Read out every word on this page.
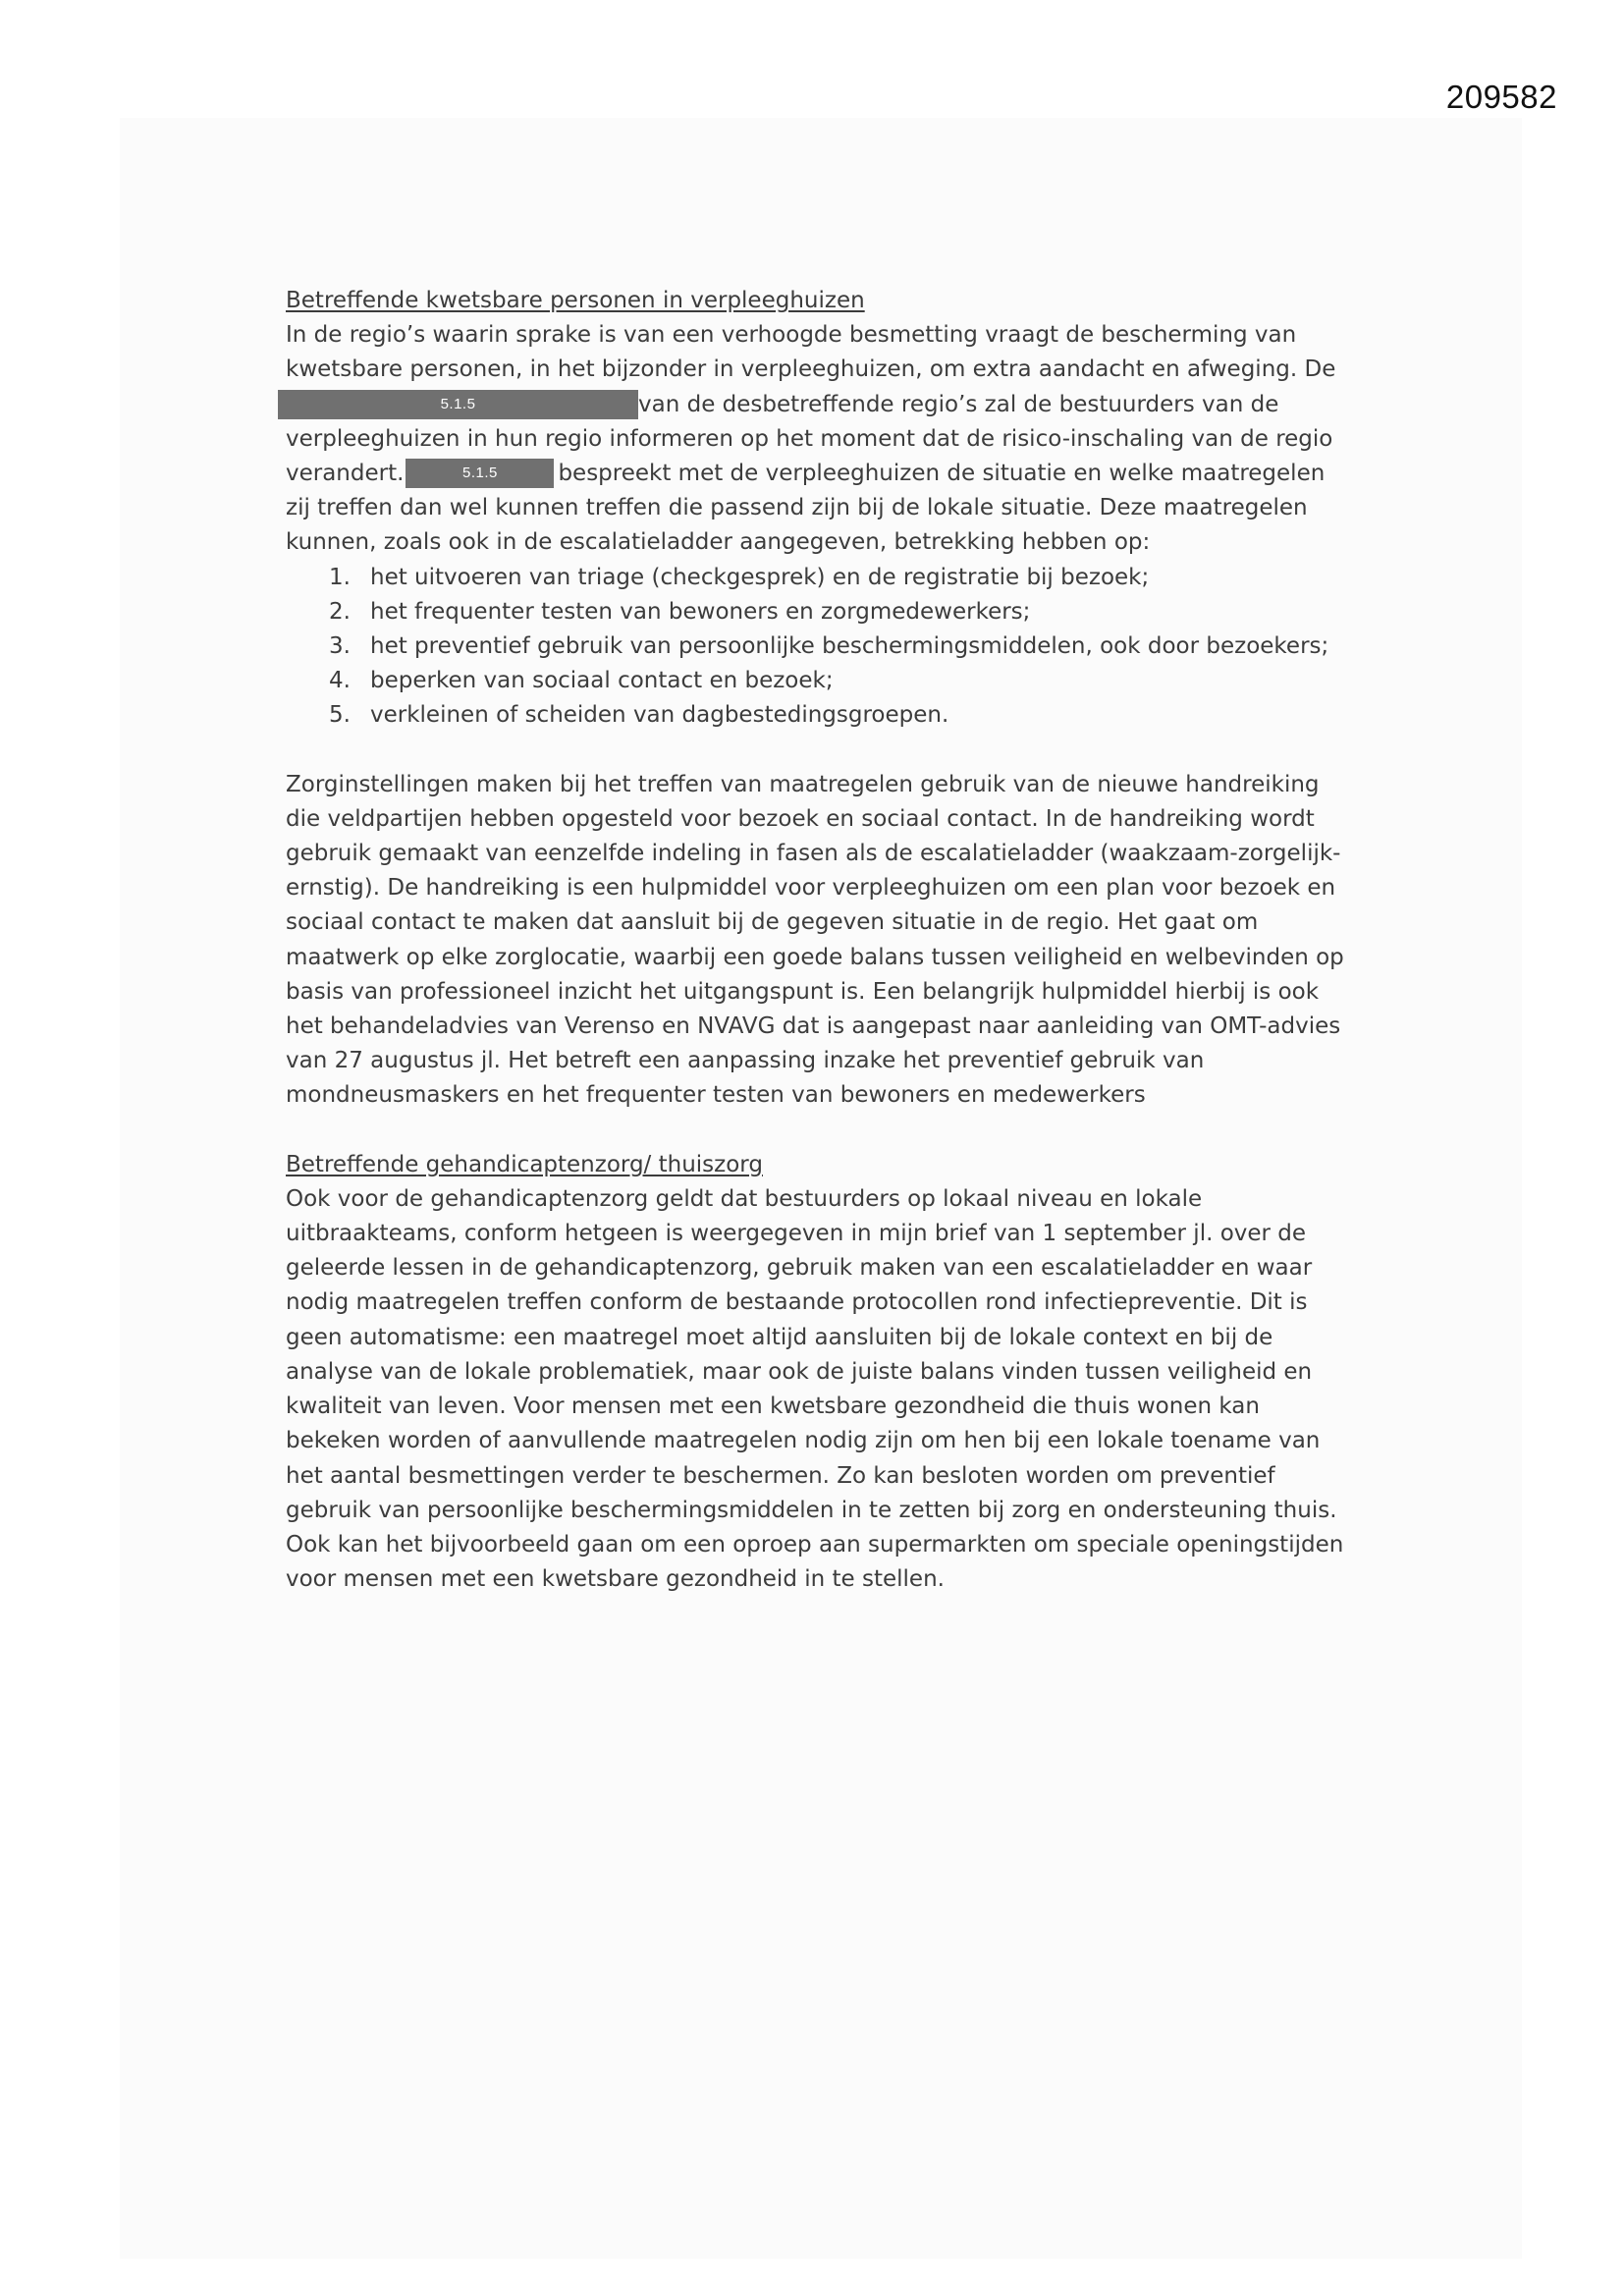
209582
Betreffende kwetsbare personen in verpleeghuizen
In de regio’s waarin sprake is van een verhoogde besmetting vraagt de bescherming van
kwetsbare personen, in het bijzonder in verpleeghuizen, om extra aandacht en afweging. De
5.1.5	van de desbetreffende regio’s zal de bestuurders van de
verpleeghuizen in hun regio informeren op het moment dat de risico-inschaling van de regio
verandert.	5.1.5	bespreekt met de verpleeghuizen de situatie en welke maatregelen
zij treffen dan wel kunnen treffen die passend zijn bij de lokale situatie. Deze maatregelen
kunnen, zoals ook in de escalatieladder aangegeven, betrekking hebben op:
1. het uitvoeren van triage (checkgesprek) en de registratie bij bezoek;

2. het frequenter testen van bewoners en zorgmedewerkers;

3. het preventief gebruik van persoonlijke beschermingsmiddelen, ook door bezoekers;

4. beperken van sociaal contact en bezoek;

5. verkleinen of scheiden van dagbestedingsgroepen.

Zorginstellingen maken bij het treffen van maatregelen gebruik van de nieuwe handreiking
die veldpartijen hebben opgesteld voor bezoek en sociaal contact. In de handreiking wordt
gebruik gemaakt van eenzelfde indeling in fasen als de escalatieladder (waakzaam-zorgelijk-
ernstig). De handreiking is een hulpmiddel voor verpleeghuizen om een plan voor bezoek en
sociaal contact te maken dat aansluit bij de gegeven situatie in de regio. Het gaat om
maatwerk op elke zorglocatie, waarbij een goede balans tussen veiligheid en welbevinden op
basis van professioneel inzicht het uitgangspunt is. Een belangrijk hulpmiddel hierbij is ook
het behandeladvies van Verenso en NVAVG dat is aangepast naar aanleiding van OMT-advies
van 27 augustus jl. Het betreft een aanpassing inzake het preventief gebruik van
mondneusmaskers en het frequenter testen van bewoners en medewerkers
Betreffende gehandicaptenzorg/ thuiszorg
Ook voor de gehandicaptenzorg geldt dat bestuurders op lokaal niveau en lokale
uitbraakteams, conform hetgeen is weergegeven in mijn brief van 1 september jl. over de
geleerde lessen in de gehandicaptenzorg, gebruik maken van een escalatieladder en waar
nodig maatregelen treffen conform de bestaande protocollen rond infectiepreventie. Dit is
geen automatisme: een maatregel moet altijd aansluiten bij de lokale context en bij de
analyse van de lokale problematiek, maar ook de juiste balans vinden tussen veiligheid en
kwaliteit van leven. Voor mensen met een kwetsbare gezondheid die thuis wonen kan
bekeken worden of aanvullende maatregelen nodig zijn om hen bij een lokale toename van
het aantal besmettingen verder te beschermen. Zo kan besloten worden om preventief
gebruik van persoonlijke beschermingsmiddelen in te zetten bij zorg en ondersteuning thuis.
Ook kan het bijvoorbeeld gaan om een oproep aan supermarkten om speciale openingstijden
voor mensen met een kwetsbare gezondheid in te stellen.
